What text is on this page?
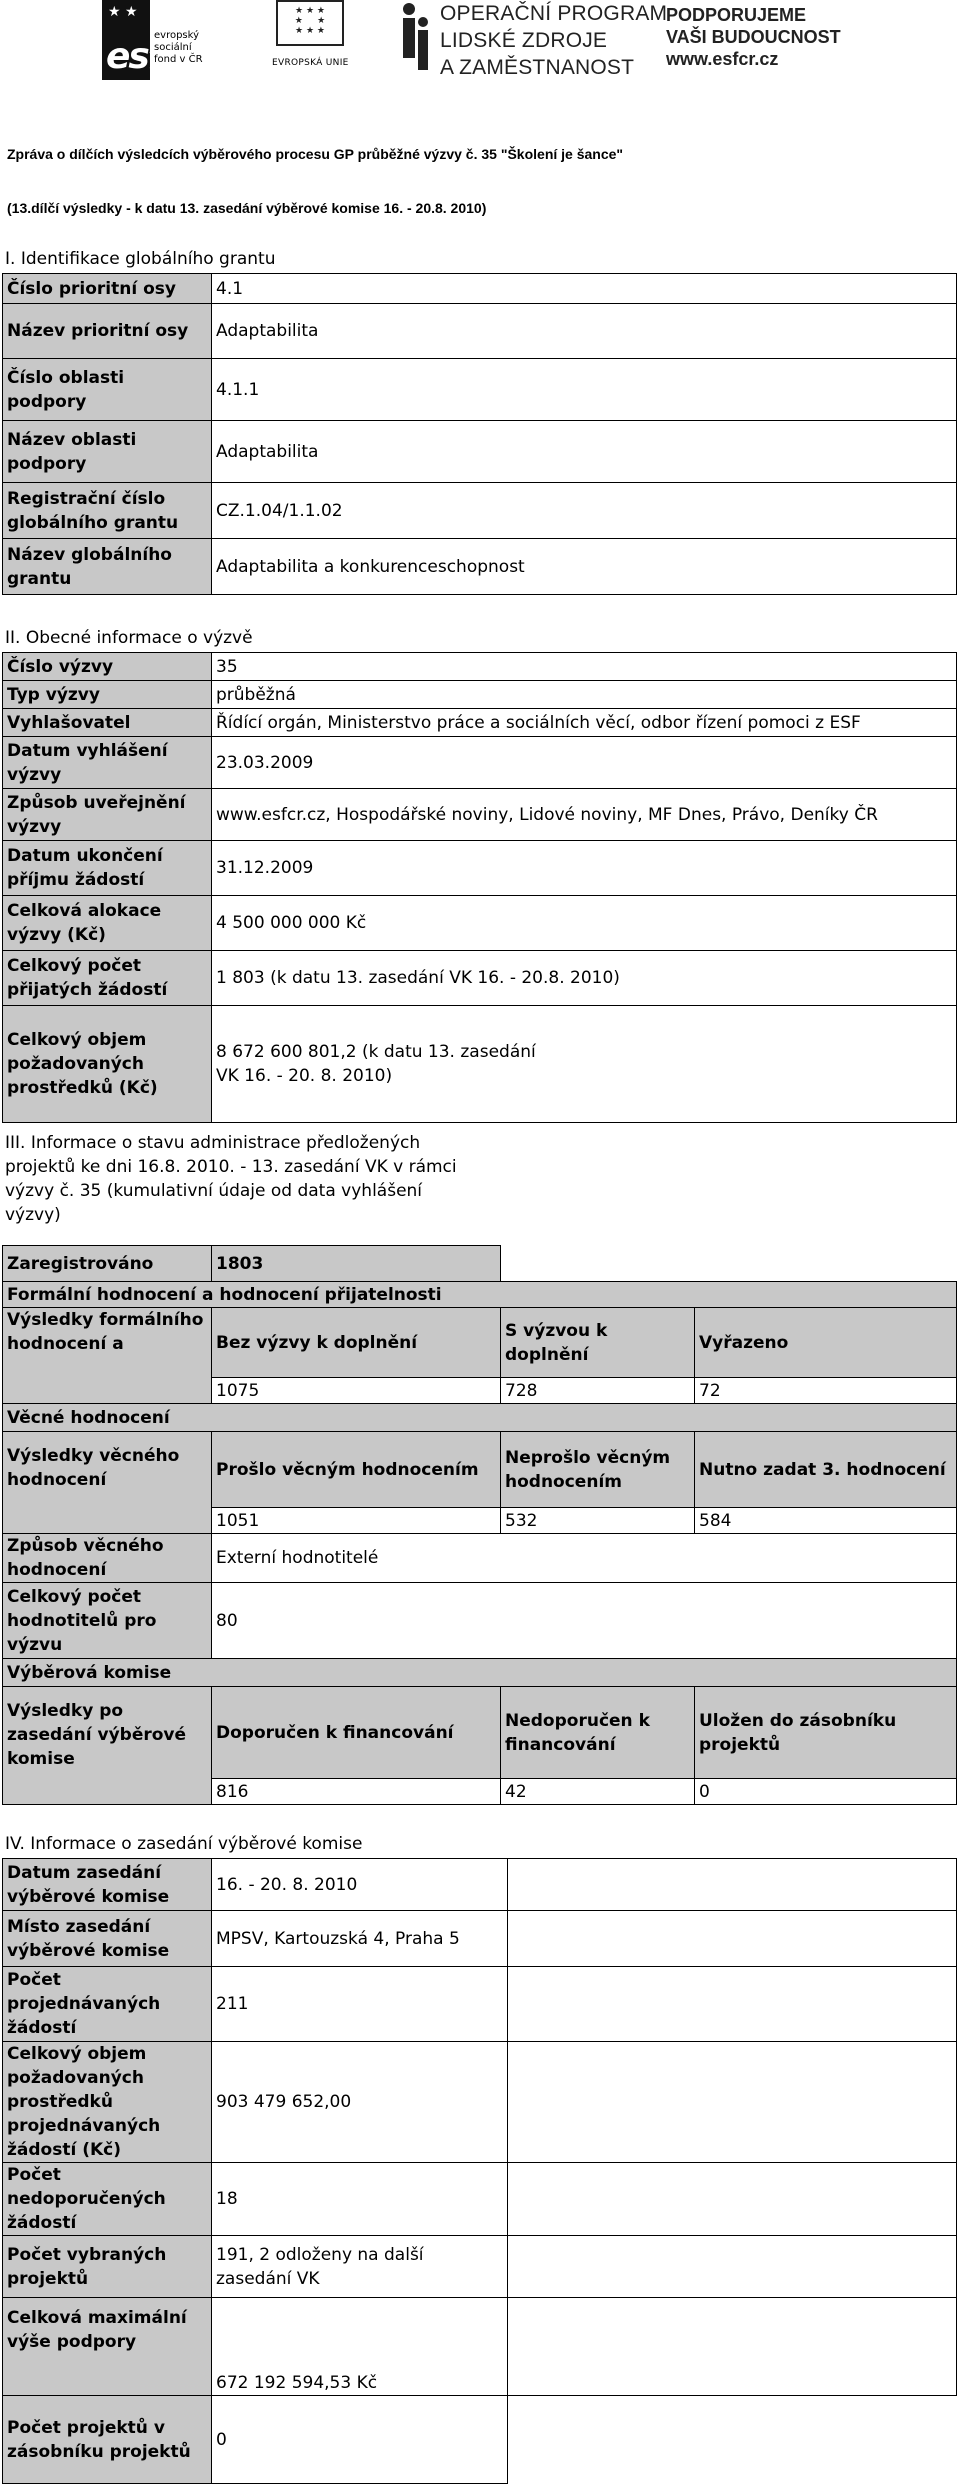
★ ★
esf
evropský sociální fond v ČR
★ ★ ★
★     ★
★ ★ ★
EVROPSKÁ UNIE
OPERAČNÍ PROGRAM
LIDSKÉ ZDROJE
A ZAMĚSTNANOST
PODPORUJEME
VAŠI BUDOUCNOST
www.esfcr.cz
Zpráva o dílčích výsledcích výběrového procesu GP průběžné výzvy č. 35 "Školení je šance"
(13.dílčí výsledky - k datu 13. zasedání výběrové komise 16. - 20.8. 2010)
I. Identifikace globálního grantu
Číslo prioritní osy	4.1
Název prioritní osy	Adaptabilita
Číslo oblasti podpory	4.1.1
Název oblasti podpory	Adaptabilita
Registrační číslo globálního grantu	CZ.1.04/1.1.02
Název globálního grantu	Adaptabilita a konkurenceschopnost
II. Obecné informace o výzvě
Číslo výzvy	35
Typ výzvy	průběžná
Vyhlašovatel	Řídící orgán, Ministerstvo práce a sociálních věcí, odbor řízení pomoci z ESF
Datum vyhlášení výzvy	23.03.2009
Způsob uveřejnění výzvy	www.esfcr.cz, Hospodářské noviny, Lidové noviny, MF Dnes, Právo, Deníky ČR
Datum ukončení příjmu žádostí	31.12.2009
Celková alokace výzvy (Kč)	4 500 000 000 Kč
Celkový počet přijatých žádostí	1 803 (k datu 13. zasedání VK 16. - 20.8. 2010)
Celkový objem požadovaných prostředků (Kč)	8 672 600 801,2 (k datu 13. zasedání VK 16. - 20. 8. 2010)
III. Informace o stavu administrace předložených projektů ke dni 16.8. 2010. - 13. zasedání VK v rámci výzvy č. 35 (kumulativní údaje od data vyhlášení výzvy)
Zaregistrováno	1803		
Formální hodnocení a hodnocení přijatelnosti			
Výsledky formálního hodnocení a	Bez výzvy k doplnění	S výzvou k doplnění	Vyřazeno
	1075	728	72
Věcné hodnocení			
Výsledky věcného hodnocení	Prošlo věcným hodnocením	Neprošlo věcným hodnocením	Nutno zadat 3. hodnocení
	1051	532	584
Způsob věcného hodnocení	Externí hodnotitelé		
Celkový počet hodnotitelů pro výzvu	80		
Výběrová komise			
Výsledky po zasedání výběrové komise	Doporučen k financování	Nedoporučen k financování	Uložen do zásobníku projektů
	816	42	0
IV. Informace o zasedání výběrové komise
Datum zasedání výběrové komise	16. - 20. 8. 2010	
Místo zasedání výběrové komise	MPSV, Kartouzská 4, Praha 5	
Počet projednávaných žádostí	211	
Celkový objem požadovaných prostředků projednávaných žádostí (Kč)	903 479 652,00	
Počet nedoporučených žádostí	18	
Počet vybraných projektů	191, 2 odloženy na další zasedání VK	
Celková maximální výše podpory	672 192 594,53 Kč	
Počet projektů v zásobníku projektů	0	
